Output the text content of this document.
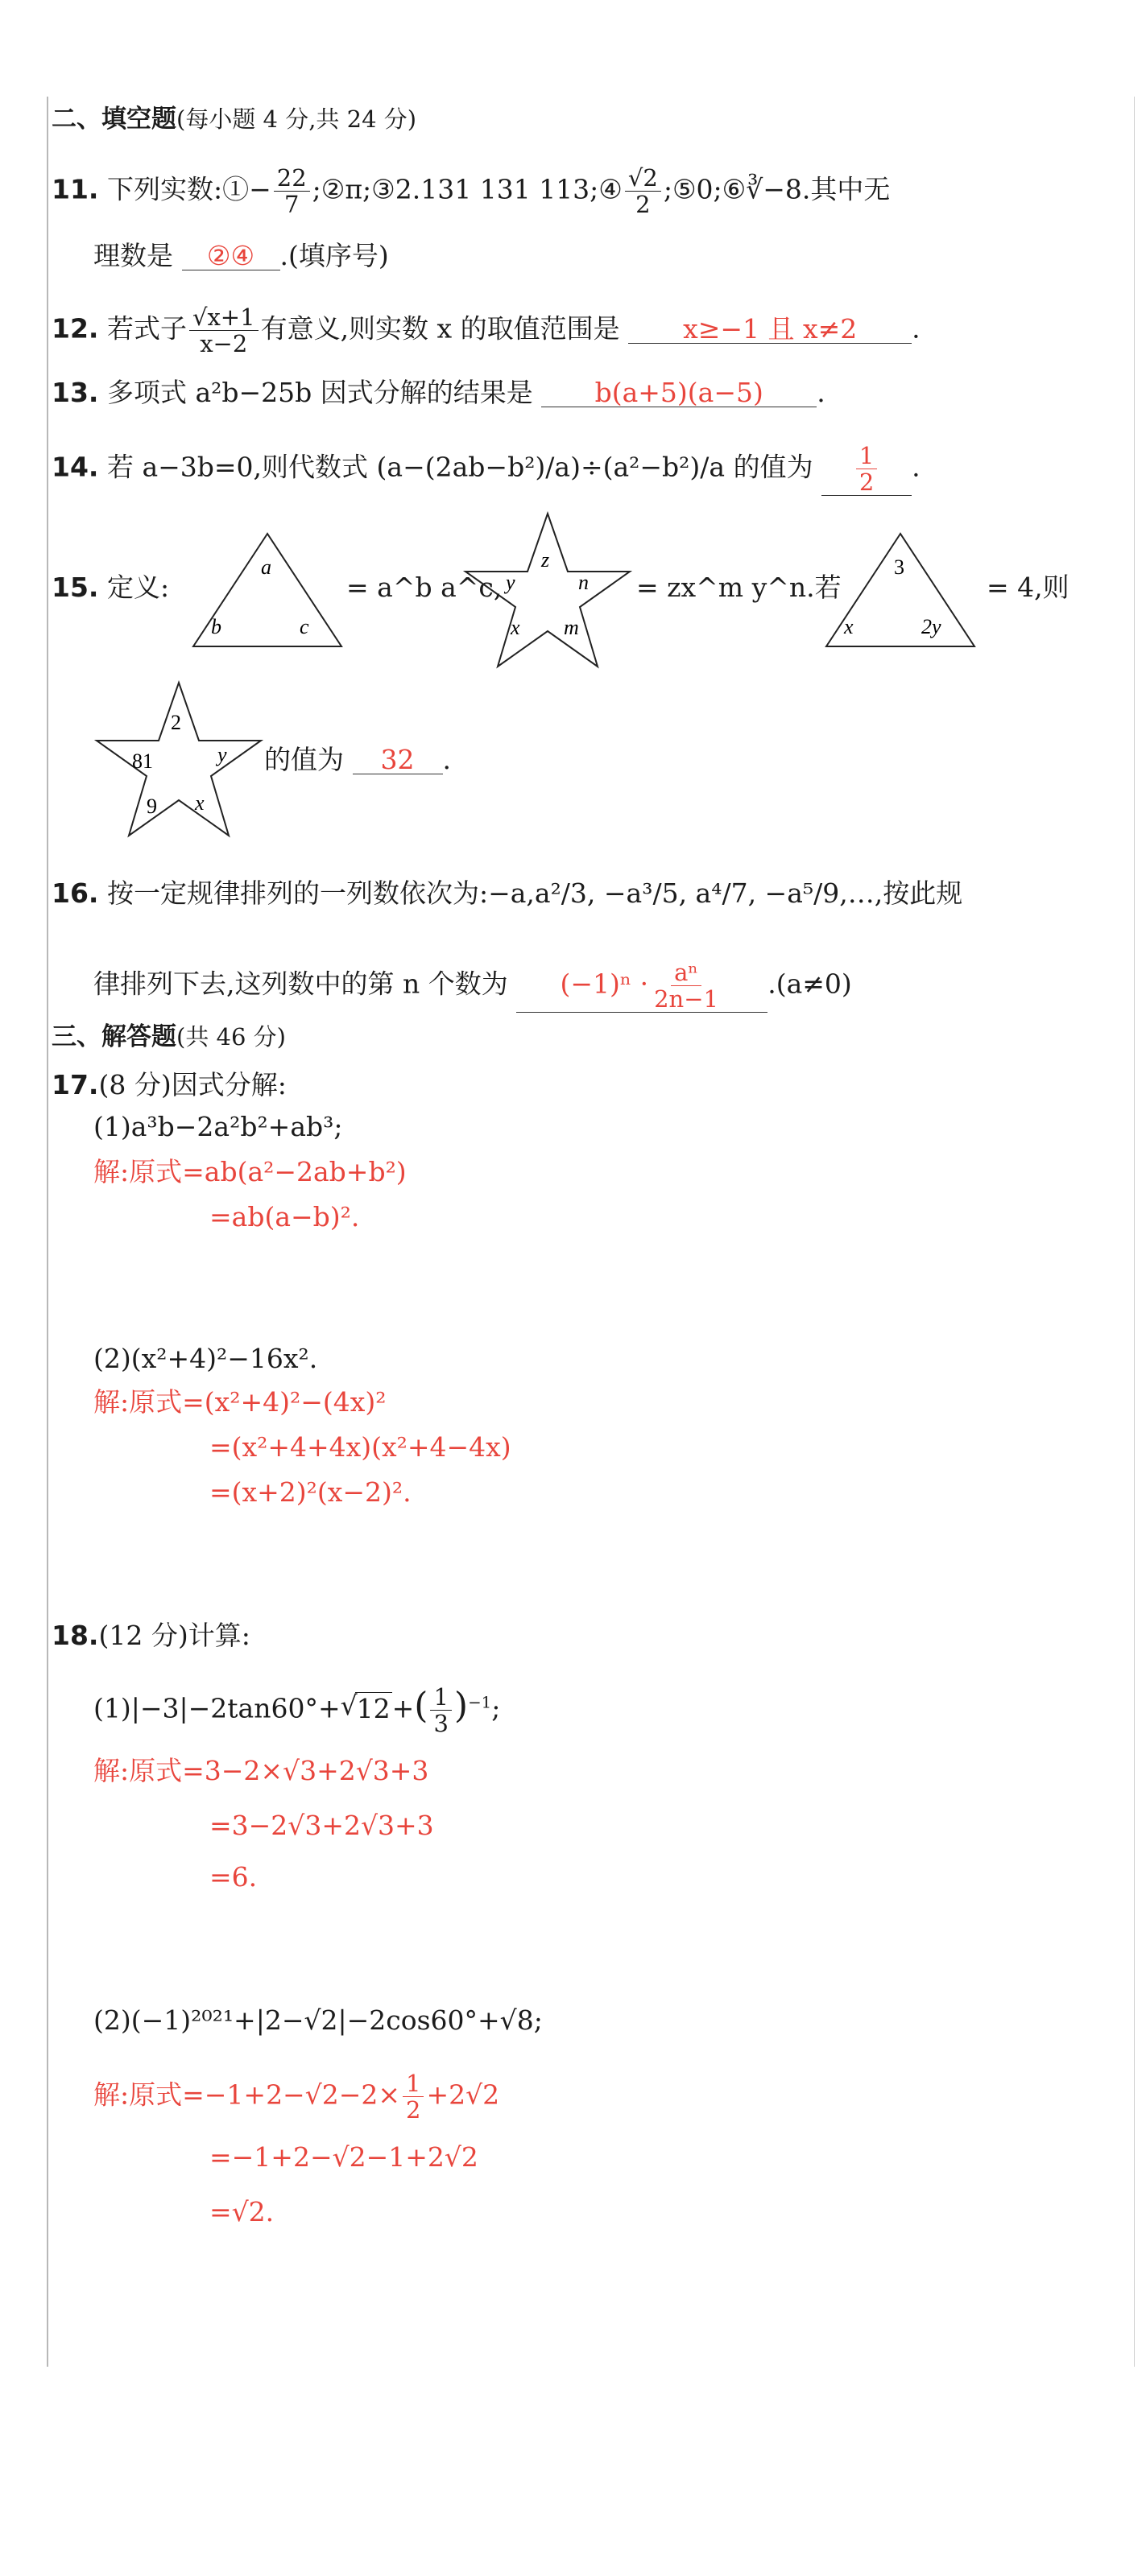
二、填空题(每小题 4 分,共 24 分)
11. 下列实数:①− $\frac{22}{7}$ ;②π;③2.131 131 113;④ $\frac{√2}{2}$ ;⑤0;⑥∛−8.其中无
理数是 ②④ .(填序号)
12. 若式子 $\frac{√x+1}{x-2}$ 有意义,则实数 x 的取值范围是 x≥−1 且 x≠2 .
13. 多项式 a²b−25b 因式分解的结果是 b(a+5)(a−5) .
14. 若 a−3b=0,则代数式 (a−(2ab−b²)/a)÷(a²−b²)/a 的值为 $\frac{1}{2}$ .
15. 定义:
a
b	c
= a^b a^c,
z
y	n
x m
= zx^m y^n.若
3
x	2y
= 4,则
2
81	y
9 x
的值为 32 .
16. 按一定规律排列的一列数依次为:−a,a²/3, −a³/5, a⁴/7, −a⁵/9,…,按此规
律排列下去,这列数中的第 n 个数为 $(-1)^n \cdot \frac{\text{aⁿ}}{2n-1} .(a\ne 0)$
三、解答题(共 46 分)
17.(8 分)因式分解:
(1)a³b−2a²b²+ab³;
解:原式=ab(a²−2ab+b²)
=ab(a−b)².
(2)(x²+4)²−16x².
解:原式=(x²+4)²−(4x)²
=(x²+4+4x)(x²+4−4x)
=(x+2)²(x−2)².
18.(12 分)计算:
(1)|−3|−2tan60°+√ $12+( \frac{1}{3} )^{-1}$;
解:原式=3−2×√3+2√3+3
=3−2√3+2√3+3
=6.
(2)(−1)²⁰²¹+|2−√2|−2cos60°+√8;
解:原式$=-1+2-√2-2\times \frac{1}{2} +2√2$
=−1+2−√2−1+2√2
=√2.
